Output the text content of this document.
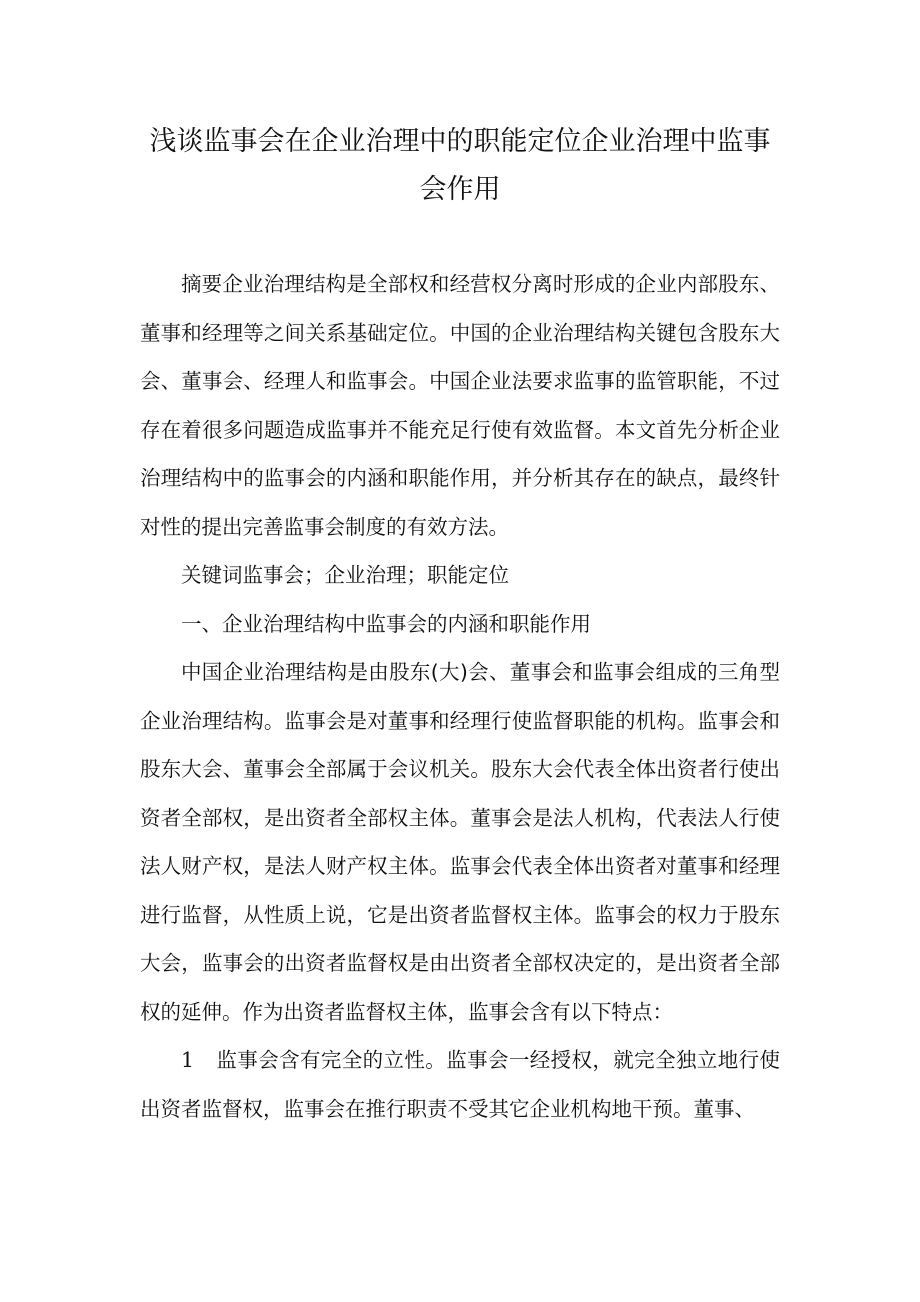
浅谈监事会在企业治理中的职能定位企业治理中监事会作用

摘要企业治理结构是全部权和经营权分离时形成的企业内部股东、董事和经理等之间关系基础定位。中国的企业治理结构关键包含股东大会、董事会、经理人和监事会。中国企业法要求监事的监管职能，不过存在着很多问题造成监事并不能充足行使有效监督。本文首先分析企业治理结构中的监事会的内涵和职能作用，并分析其存在的缺点，最终针对性的提出完善监事会制度的有效方法。

关键词监事会；企业治理；职能定位

一、企业治理结构中监事会的内涵和职能作用

中国企业治理结构是由股东(大)会、董事会和监事会组成的三角型企业治理结构。监事会是对董事和经理行使监督职能的机构。监事会和股东大会、董事会全部属于会议机关。股东大会代表全体出资者行使出资者全部权，是出资者全部权主体。董事会是法人机构，代表法人行使法人财产权，是法人财产权主体。监事会代表全体出资者对董事和经理进行监督，从性质上说，它是出资者监督权主体。监事会的权力于股东大会，监事会的出资者监督权是由出资者全部权决定的，是出资者全部权的延伸。作为出资者监督权主体，监事会含有以下特点：

1 监事会含有完全的立性。监事会一经授权，就完全独立地行使出资者监督权，监事会在推行职责不受其它企业机构地干预。董事、
